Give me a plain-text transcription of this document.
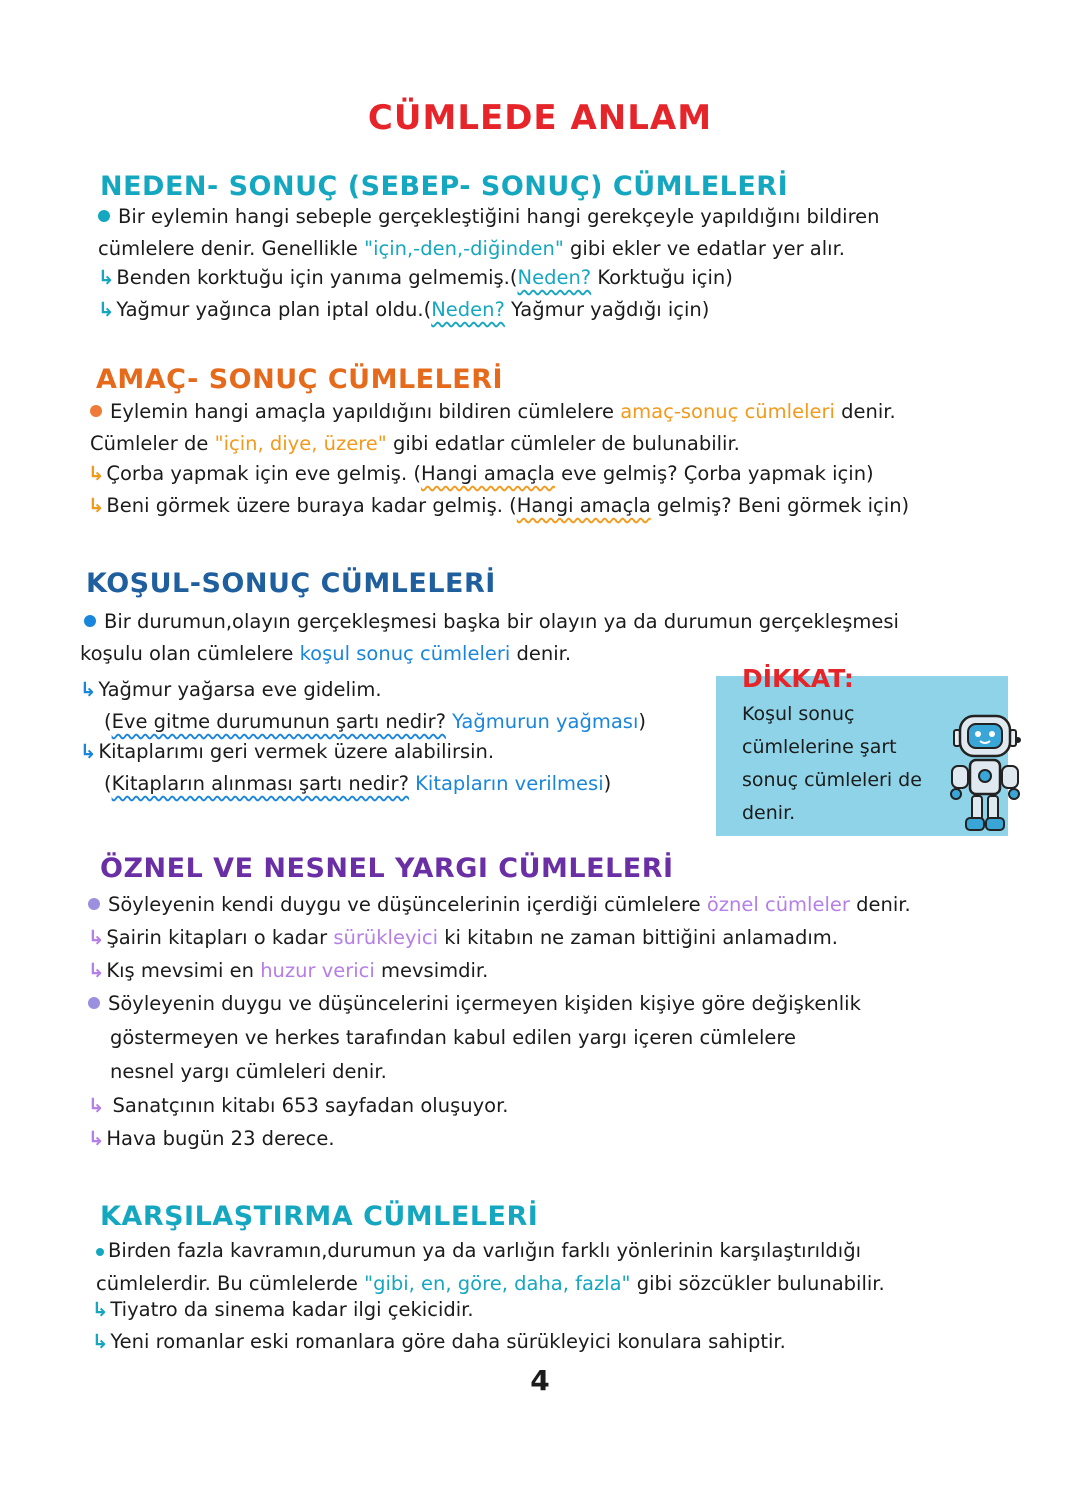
CÜMLEDE ANLAM
NEDEN- SONUÇ (SEBEP- SONUÇ) CÜMLELERİ
Bir eylemin hangi sebeple gerçekleştiğini hangi gerekçeyle yapıldığını bildiren
cümlelere denir. Genellikle "için,-den,-diğinden" gibi ekler ve edatlar yer alır.
↳ Benden korktuğu için yanıma gelmemiş.(Neden? Korktuğu için)
↳ Yağmur yağınca plan iptal oldu.(Neden? Yağmur yağdığı için)
AMAÇ- SONUÇ CÜMLELERİ
Eylemin hangi amaçla yapıldığını bildiren cümlelere amaç-sonuç cümleleri denir.
Cümleler de "için, diye, üzere" gibi edatlar cümleler de bulunabilir.
↳ Çorba yapmak için eve gelmiş. (Hangi amaçla eve gelmiş? Çorba yapmak için)
↳ Beni görmek üzere buraya kadar gelmiş. (Hangi amaçla gelmiş? Beni görmek için)
KOŞUL-SONUÇ CÜMLELERİ
Bir durumun,olayın gerçekleşmesi başka bir olayın ya da durumun gerçekleşmesi
koşulu olan cümlelere koşul sonuç cümleleri denir.
↳ Yağmur yağarsa eve gidelim.
(Eve gitme durumunun şartı nedir? Yağmurun yağması)
↳ Kitaplarımı geri vermek üzere alabilirsin.
(Kitapların alınması şartı nedir? Kitapların verilmesi)
DİKKAT:
Koşul sonuç
cümlelerine şart
sonuç cümleleri de
denir.
ÖZNEL VE NESNEL YARGI CÜMLELERİ
Söyleyenin kendi duygu ve düşüncelerinin içerdiği cümlelere öznel cümleler denir.
↳ Şairin kitapları o kadar sürükleyici ki kitabın ne zaman bittiğini anlamadım.
↳ Kış mevsimi en huzur verici mevsimdir.
Söyleyenin duygu ve düşüncelerini içermeyen kişiden kişiye göre değişkenlik
göstermeyen ve herkes tarafından kabul edilen yargı içeren cümlelere
nesnel yargı cümleleri denir.
↳ Sanatçının kitabı 653 sayfadan oluşuyor.
↳ Hava bugün 23 derece.
KARŞILAŞTIRMA CÜMLELERİ
Birden fazla kavramın,durumun ya da varlığın farklı yönlerinin karşılaştırıldığı
cümlelerdir. Bu cümlelerde "gibi, en, göre, daha, fazla" gibi sözcükler bulunabilir.
↳ Tiyatro da sinema kadar ilgi çekicidir.
↳ Yeni romanlar eski romanlara göre daha sürükleyici konulara sahiptir.
4
